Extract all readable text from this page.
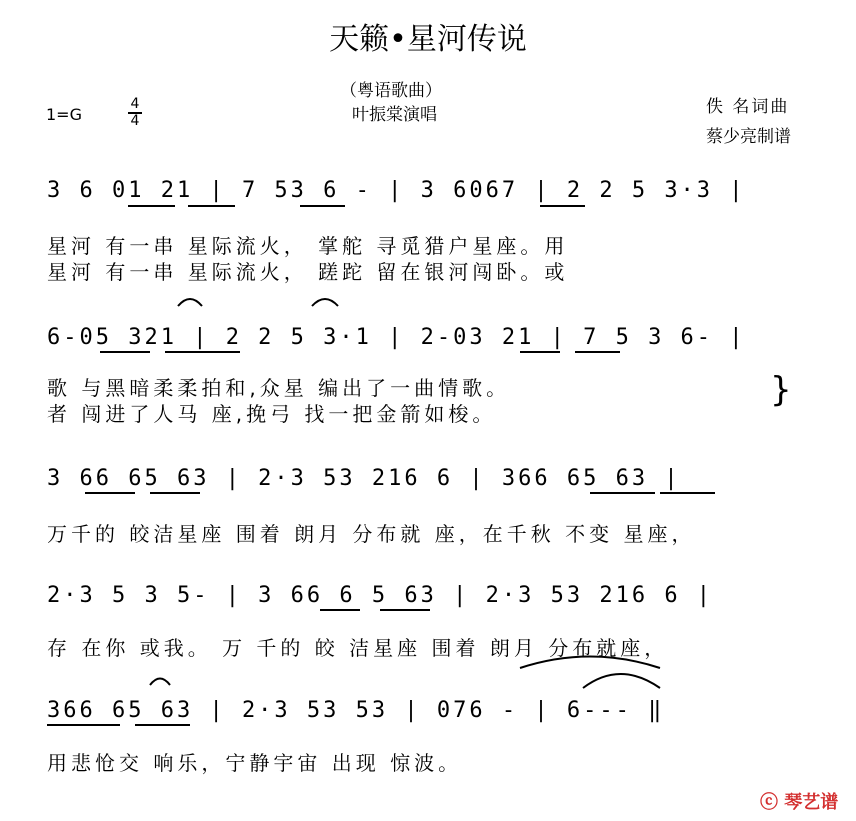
天籁•星河传说
（粤语歌曲）
叶振棠演唱
1=G
4
4
佚 名词曲
蔡少亮制谱
3 6 01 21 | 7 53 6 - | 3 6067 | 2 2 5 3·3 |
星河 有一串 星际流火， 掌舵 寻觅猎户星座。用
星河 有一串 星际流火， 蹉跎 留在银河闯卧。或
6-05 321 | 2 2 5 3·1 | 2-03 21 | 7 5 3 6- |
歌 与黑暗柔柔拍和,众星 编出了一曲情歌。
者 闯进了人马 座,挽弓 找一把金箭如梭。
}
3 66 65 63 | 2·3 53 216 6 | 366 65 63 |
万千的 皎洁星座 围着 朗月 分布就 座，在千秋 不变 星座，
2·3 5 3 5- | 3 66 6 5 63 | 2·3 53 216 6 |
存 在你 或我。 万 千的 皎 洁星座 围着 朗月 分布就座，
366 65 63 | 2·3 53 53 | 076 - | 6--- ‖
用悲怆交 响乐，宁静宇宙 出现 惊波。
ⓒ 琴艺谱
